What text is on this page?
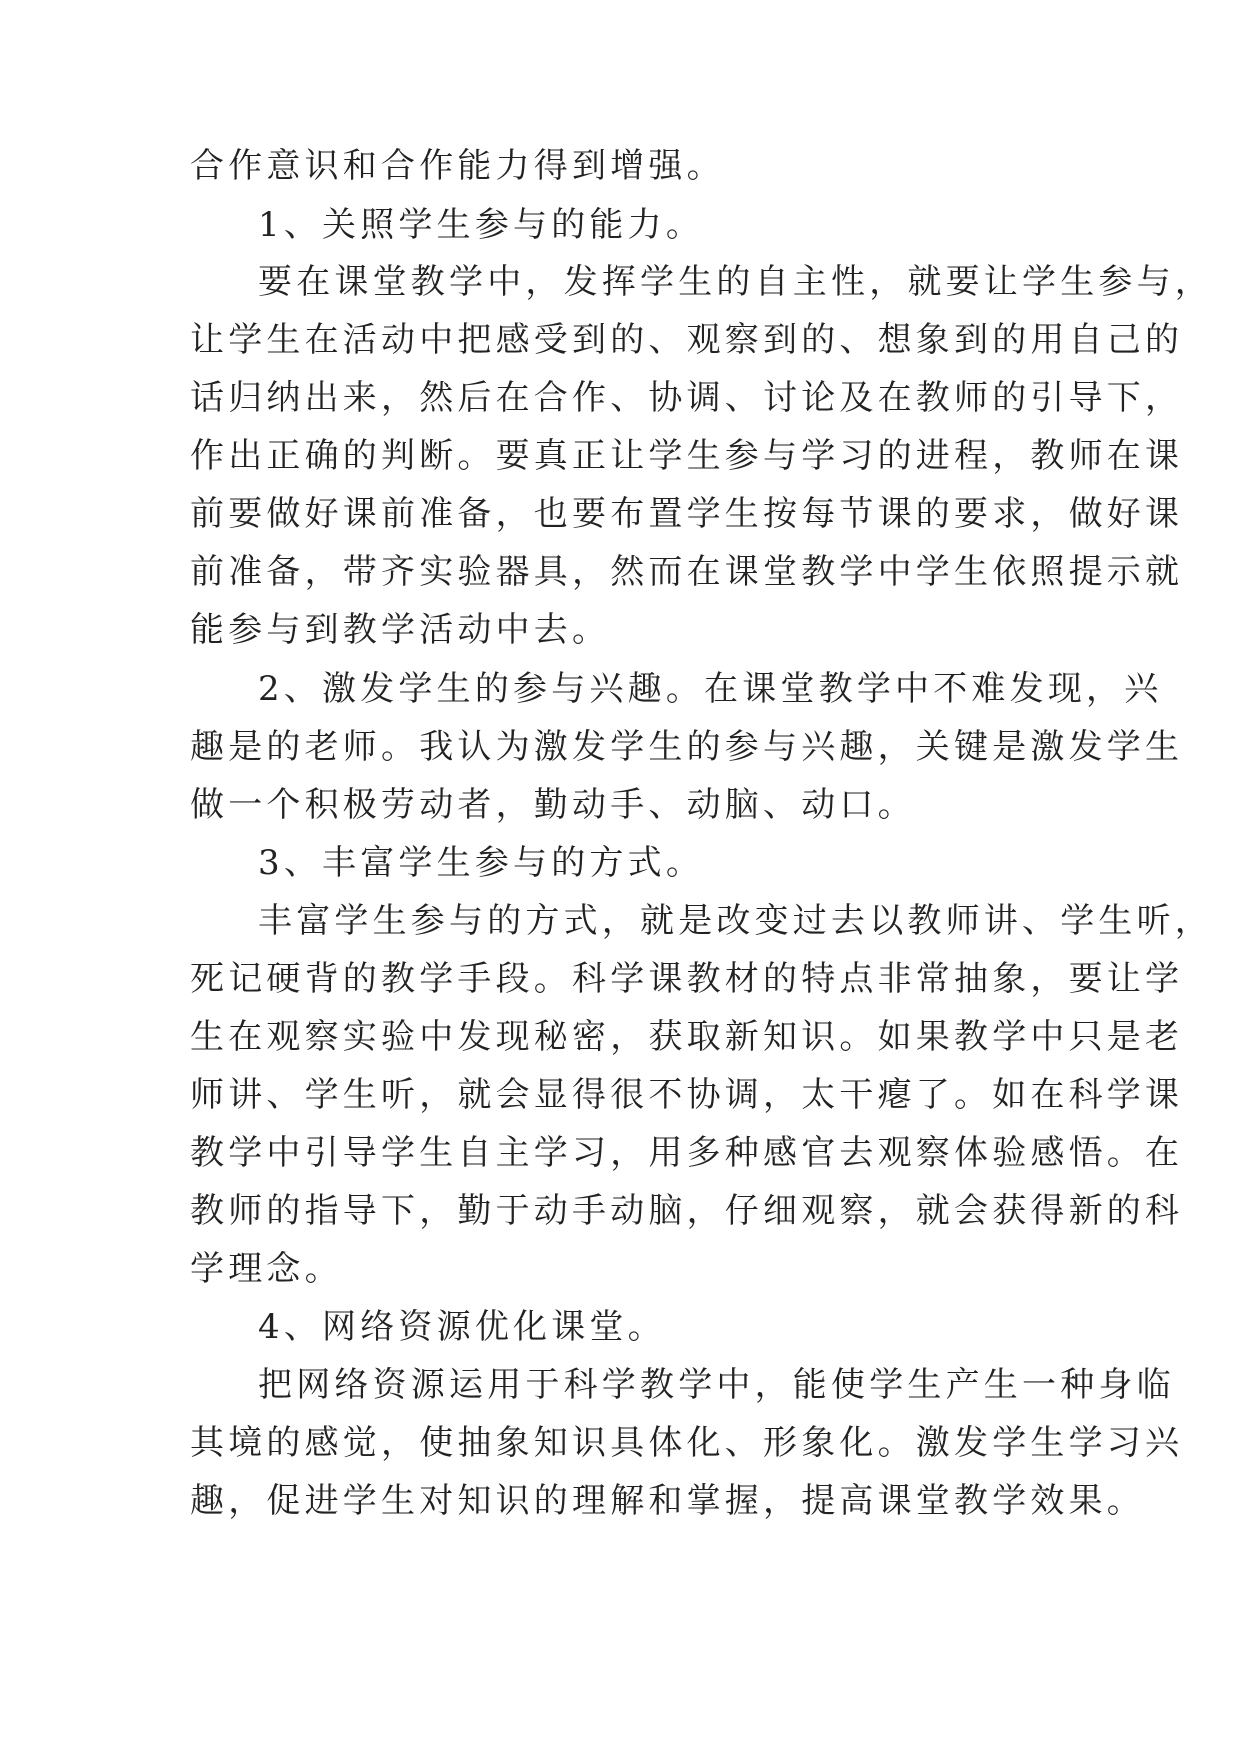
合作意识和合作能力得到增强。
1、关照学生参与的能力。
要在课堂教学中，发挥学生的自主性，就要让学生参与，
让学生在活动中把感受到的、观察到的、想象到的用自己的
话归纳出来，然后在合作、协调、讨论及在教师的引导下，
作出正确的判断。要真正让学生参与学习的进程，教师在课
前要做好课前准备，也要布置学生按每节课的要求，做好课
前准备，带齐实验器具，然而在课堂教学中学生依照提示就
能参与到教学活动中去。
2、激发学生的参与兴趣。在课堂教学中不难发现，兴
趣是的老师。我认为激发学生的参与兴趣，关键是激发学生
做一个积极劳动者，勤动手、动脑、动口。
3、丰富学生参与的方式。
丰富学生参与的方式，就是改变过去以教师讲、学生听，
死记硬背的教学手段。科学课教材的特点非常抽象，要让学
生在观察实验中发现秘密，获取新知识。如果教学中只是老
师讲、学生听，就会显得很不协调，太干瘪了。如在科学课
教学中引导学生自主学习，用多种感官去观察体验感悟。在
教师的指导下，勤于动手动脑，仔细观察，就会获得新的科
学理念。
4、网络资源优化课堂。
把网络资源运用于科学教学中，能使学生产生一种身临
其境的感觉，使抽象知识具体化、形象化。激发学生学习兴
趣，促进学生对知识的理解和掌握，提高课堂教学效果。
